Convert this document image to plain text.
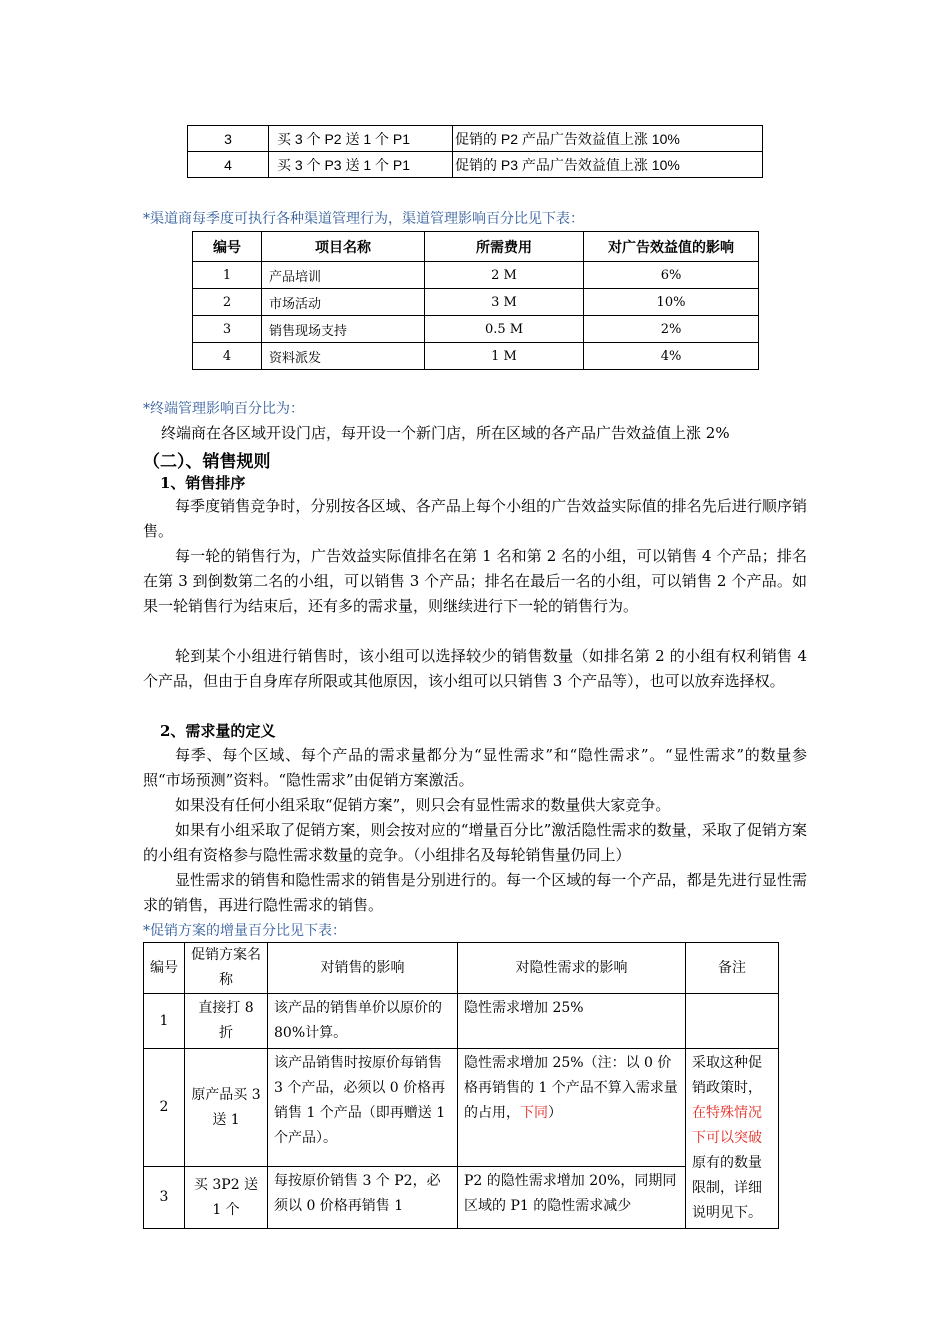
3	买 3 个 P2 送 1 个 P1	促销的 P2 产品广告效益值上涨 10%
4	买 3 个 P3 送 1 个 P1	促销的 P3 产品广告效益值上涨 10%
*渠道商每季度可执行各种渠道管理行为，渠道管理影响百分比见下表：
编号	项目名称	所需费用	对广告效益值的影响
1	产品培训	2 M	6%
2	市场活动	3 M	10%
3	销售现场支持	0.5 M	2%
4	资料派发	1 M	4%
*终端管理影响百分比为：
终端商在各区域开设门店，每开设一个新门店，所在区域的各产品广告效益值上涨 2%
（二）、销售规则
1、销售排序
每季度销售竞争时，分别按各区域、各产品上每个小组的广告效益实际值的排名先后进行顺序销售。
每一轮的销售行为，广告效益实际值排名在第 1 名和第 2 名的小组，可以销售 4 个产品；排名在第 3 到倒数第二名的小组，可以销售 3 个产品；排名在最后一名的小组，可以销售 2 个产品。如果一轮销售行为结束后，还有多的需求量，则继续进行下一轮的销售行为。
轮到某个小组进行销售时，该小组可以选择较少的销售数量（如排名第 2 的小组有权利销售 4 个产品，但由于自身库存所限或其他原因，该小组可以只销售 3 个产品等），也可以放弃选择权。
2、需求量的定义
每季、每个区域、每个产品的需求量都分为“显性需求”和“隐性需求”。“显性需求”的数量参照“市场预测”资料。“隐性需求”由促销方案激活。
如果没有任何小组采取“促销方案”，则只会有显性需求的数量供大家竞争。
如果有小组采取了促销方案，则会按对应的“增量百分比”激活隐性需求的数量，采取了促销方案的小组有资格参与隐性需求数量的竞争。（小组排名及每轮销售量仍同上）
显性需求的销售和隐性需求的销售是分别进行的。每一个区域的每一个产品，都是先进行显性需求的销售，再进行隐性需求的销售。
*促销方案的增量百分比见下表：
编号	促销方案名称	对销售的影响	对隐性需求的影响	备注
1	直接打 8 折	该产品的销售单价以原价的 80%计算。	隐性需求增加 25%	
2	原产品买 3 送 1	该产品销售时按原价每销售 3 个产品，必须以 0 价格再销售 1 个产品（即再赠送 1 个产品）。	隐性需求增加 25%（注：以 0 价格再销售的 1 个产品不算入需求量的占用，下同）	采取这种促销政策时，在特殊情况下可以突破原有的数量限制，详细说明见下。
3	买 3P2 送 1 个	每按原价销售 3 个 P2，必须以 0 价格再销售 1	P2 的隐性需求增加 20%，同期同区域的 P1 的隐性需求减少	
